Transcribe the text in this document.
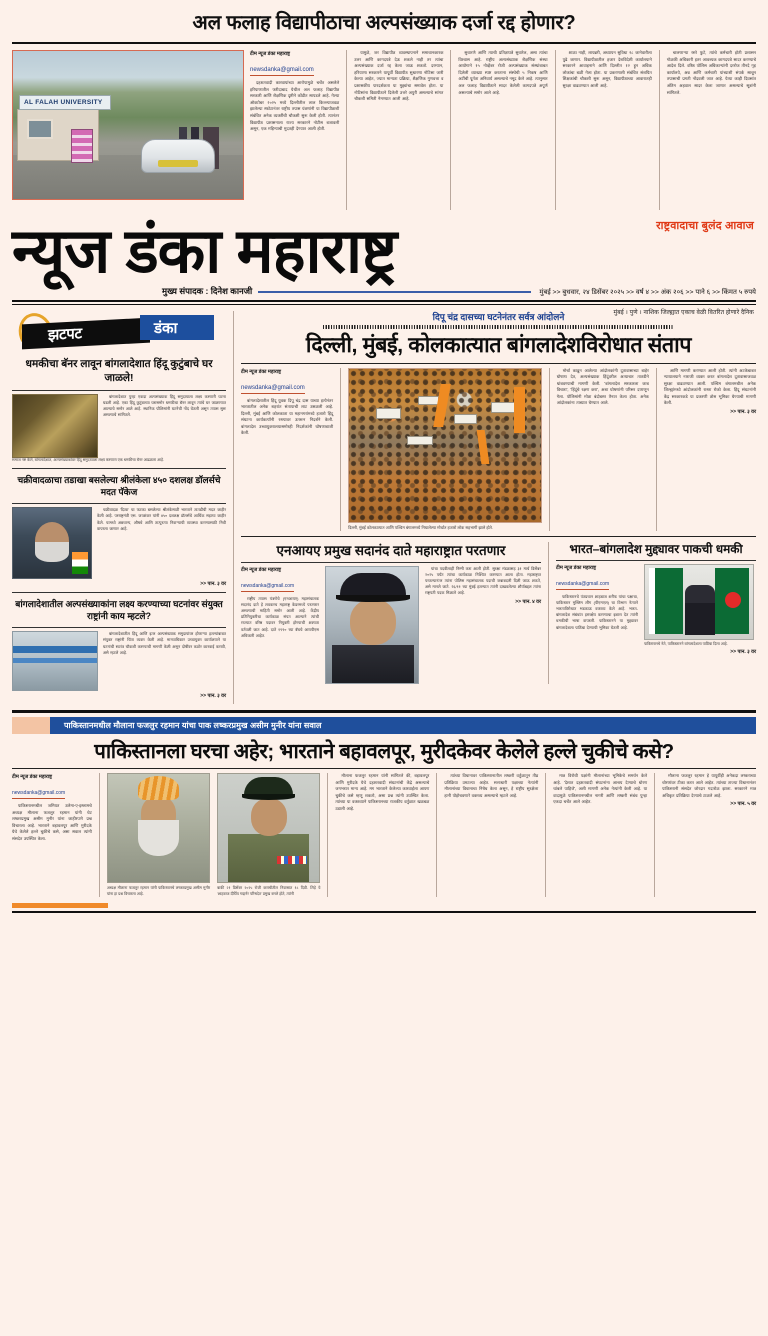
अल फलाह विद्यापीठाचा अल्पसंख्याक दर्जा रद्द होणार?
AL FALAH UNIVERSITY
टीम न्यूज डंका महाराष्ट्र
newsdanka@gmail.com

दहशतवादी कारवायांच्या आरोपामुळे चर्चेत असलेले हरियाणातील फरीदाबाद येथील अल फलाह विद्यापीठ सरकारी आणि शैक्षणिक दृष्टीने कोंडीत सापडले आहे. गेल्या ऑक्टोबर २०२५ मध्ये दिल्लीतील लाल किल्ल्याजवळ झालेल्या स्फोटानंतर राष्ट्रीय तपास यंत्रणांनी या विद्यापीठाशी संबंधित अनेक व्यक्तींची चौकशी सुरू केली होती. त्यानंतर विद्यापीठ प्रशासनाला राज्य सरकारने नोटीस बजावली असून, एक महिन्याची मुदतही देण्यात आली होती.

यामुळे, जर विद्यापीठ व्यवस्थापनाने समाधानकारक उत्तर आणि कागदपत्रे देऊ शकले नाही तर त्यांचा अल्पसंख्याक दर्जा रद्द केला जाऊ शकतो. दरम्यान, हरियाणा सरकारने यापूर्वी विद्यापीठ सुधारणा नोटिसा जारी केल्या आहेत, ज्यात मान्यता प्रक्रिया, शैक्षणिक गुणवत्ता व प्रशासकीय पारदर्शकता या मुद्द्यांचा समावेश होता. या नोटिसांना विद्यापीठाने दिलेली उत्तरे अपुरी असल्याचे सांगत चौकशी समिती नेमण्यात आली आहे.

सुधारणे आणि त्याची प्रतिज्ञापत्रे सुधारेल, असा त्यांचा विश्वास आहे. राष्ट्रीय अल्पसंख्याक शैक्षणिक संस्था आयोगाने १५ नोव्हेंबर रोजी अल्पसंख्याक संस्थांबाबत दिलेली व्याख्या स्पष्ट करताना संस्थेची ५ निकष आणि अटींची पूर्तता अनिवार्य असल्याचे नमूद केले आहे. त्यानुसार अल फलाह विद्यापीठाने सादर केलेली कागदपत्रे अपूर्ण असल्याचे समोर आले आहे.

शाळा नाही, लायब्ररी, अध्यापन सुविधा २८ जानेवारीला पुढे जाणार. विद्यापीठातील हजार देशविदेशी कार्यालयाने सरकारने आवाहनाने आणि दिल्लीत १२ हून अधिक लोकांचा बळी गेला होता. या प्रकरणाशी संबंधित संशयित शिक्षकांची चौकशी सुरू असून, विद्यापीठाच्या आवारातही सुरक्षा वाढवण्यात आली आहे.

चालणाऱ्या रस्ते फुटे, त्यांचे कर्मचारी होती प्रशासन गोळकी अधिकारी इतर आवश्यक कागदपत्रे सादर करण्याचे आदेश दिले. वरिष्ठ पोलिस अधिकाऱ्यांनी दररोज तीनदे गृह कार्यालये, अन्न आणि कर्मचारी यांच्याशी संपर्क साधून तपासाची प्रगती नोंदवली जात आहे. येत्या काही दिवसांत अंतिम अहवाल सादर केला जाणार असल्याचे सूत्रांनी सांगितले.

राष्ट्रवादाचा बुलंद आवाज
न्यूज डंका महाराष्ट्र
मुंबई । पुणे । नाशिक जिल्ह्यात एकाच वेळी वितरित होणारे दैनिक
मुख्य संपादक : दिनेश कानजी	मुंबई >> बुधवार, २४ डिसेंबर २०२५ >> वर्ष ४ >> अंक २०६ >> पाने ६ >> किंमत ५ रुपये
झटपट	डंका
धमकीचा बॅनर लावून बांगलादेशात हिंदू कुटुंबाचे घर जाळले!

बांगलादेशात पुन्हा एकदा अल्पसंख्याक हिंदू समुदायाला लक्ष्य करणारी घटना घडली आहे. एका हिंदू कुटुंबाच्या घरासमोर धमकीचा बॅनर लावून त्यांचे घर जाळण्यात आल्याचे समोर आले आहे. स्थानिक पोलिसांनी घटनेची नोंद घेतली असून तपास सुरू असल्याचे सांगितले.

समाज नष्ट केले, बांगलादेशात, अल्पसंख्याकांवर हिंदू समुदायाला लक्ष्य करणारा एक धमकीचा बॅनर आढळला आहे.
चक्रीवादळाचा तडाखा बसलेल्या श्रीलंकेला ४५० दशलक्ष डॉलर्सचे मदत पॅकेज

चक्रीवादळ 'दित्वा' चा फटका बसलेल्या श्रीलंकेसाठी भारताने तातडीची मदत जाहीर केली आहे. परराष्ट्रमंत्री एस. जयशंकर यांनी ४५० दशलक्ष डॉलर्सचे आर्थिक सहाय्य जाहीर केले. यामध्ये अन्नधान्य, औषधे आणि तात्पुरत्या निवाऱ्याची व्यवस्था करण्यासाठी निधी वापरला जाणार आहे.

>> पान. ३ वर
बांगलादेशातील अल्पसंख्याकांना लक्ष्य करण्याच्या घटनांवर संयुक्त राष्ट्रांनी काय म्हटले?

बांगलादेशातील हिंदू आणि इतर अल्पसंख्याक समुदायांवर होणाऱ्या हल्ल्यांबाबत संयुक्त राष्ट्रांनी चिंता व्यक्त केली आहे. मानवाधिकार उच्चायुक्त कार्यालयाने या घटनांची स्वतंत्र चौकशी करण्याची मागणी केली असून दोषींवर कठोर कारवाई करावी, असे म्हटले आहे.

>> पान. ३ वर
दिपू चंद्र दासच्या घटनेनंतर सर्वत्र आंदोलने
दिल्ली, मुंबई, कोलकात्यात बांगलादेशविरोधात संताप
टीम न्यूज डंका महाराष्ट्र
newsdanka@gmail.com

बांगलादेशातील हिंदू युवक दिपू चंद्र दास याच्या हत्येनंतर भारतातील अनेक शहरांत संतापाची लाट उसळली आहे. दिल्ली, मुंबई आणि कोलकाता या महानगरांमध्ये हजारो हिंदू संघटना कार्यकर्त्यांनी रस्त्यावर उतरून निदर्शने केली. बांगलादेश उच्चायुक्तालयासमोरही निदर्शकांनी घोषणाबाजी केली.

दिल्ली, मुंबई कोलकात्यात आणि पश्चिम बंगालमध्ये निघालेल्या मोर्चात हजारो लोक सहभागी झाले होते.

मोर्चा काढून आलेल्या आंदोलकांनी दूतावासाच्या बाहेर घोषणा देत, अल्पसंख्याक हिंदूंवरील अत्याचार तातडीने थांबवण्याची मागणी केली. 'बांगलादेश सरकारला जाब विचारा', 'हिंदूंचे रक्षण करा', अशा घोषणांनी परिसर दणाणून गेला. पोलिसांनी मोठा बंदोबस्त तैनात केला होता. अनेक आंदोलकांना ताब्यात घेण्यात आले.

आणि मागणी करण्यात आली होती. त्यांनी अटकेबाबत न्यायालयाने नाराजी व्यक्त करत बांगलादेश दूतावासाजवळ सुरक्षा वाढवण्यात आली. पश्चिम बंगालमधील अनेक जिल्ह्यांमध्ये आंदोलकांनी रास्ता रोको केला. हिंदू संघटनांनी केंद्र सरकारकडे या प्रकरणी ठोस भूमिका घेण्याची मागणी केली.

>> पान. ३ वर
एनआयए प्रमुख सदानंद दाते महाराष्ट्रात परतणार
टीम न्यूज डंका महाराष्ट्र
newsdanka@gmail.com

राष्ट्रीय तपास यंत्रणेचे (एनआयए) महासंचालक सदानंद दाते हे लवकरच महाराष्ट्र केडरमध्ये परतणार असल्याची माहिती समोर आली आहे. केंद्रीय प्रतिनियुक्तीचा कार्यकाळ संपत आल्याने त्यांची राज्यात वरिष्ठ पदावर नियुक्ती होण्याची शक्यता वर्तवली जात आहे. दाते १९९० च्या बॅचचे आयपीएस अधिकारी आहेत.

यांचा पदवीलाही निम्मी करा आली होती. सुरक्षा मंडळासह ३१ मार्च डिसेंबर २०२५ पर्यंत त्यांचा कार्यकाळ निश्चित करण्यात आला होता. महाराष्ट्रात परतल्यानंतर त्यांना पोलिस महासंचालक पदाची जबाबदारी दिली जाऊ शकते, असे मानले जाते. २६/११ च्या मुंबई हल्ल्यात त्यांनी दाखवलेल्या शौर्याबद्दल त्यांना राष्ट्रपती पदक मिळाले आहे.

>> पान. ४ वर
भारत–बांगलादेश मुद्द्यावर पाकची धमकी
टीम न्यूज डंका महाराष्ट्र
newsdanka@gmail.com

पाकिस्तानचे पंतप्रधान शाहबाज शरीफ यांचा पक्षाचा, पाकिस्तान मुस्लिम लीग (पीएमएल) चा विभाग नेत्याने भारताविरोधात भडकाऊ वक्तव्य केले आहे. भारत-बांगलादेश संबंधांत हस्तक्षेप करण्याचा इशारा देत त्यांनी धमकीची भाषा वापरली. पाकिस्तानने या मुद्द्यावर बांगलादेशला पाठिंबा देण्याची भूमिका घेतली आहे.

पाकिस्तानचे नेते, पाकिस्तानने बांगलादेशला पाठिंबा दिला आहे.
>> पान. ३ वर
पाकिस्तानमधील मौलाना फजलुर रहमान यांचा पाक लष्करप्रमुख असीम मुनीर यांना सवाल
पाकिस्तानला घरचा अहेर; भारताने बहावलपूर, मुरीदकेवर केलेले हल्ले चुकीचे कसे?
टीम न्यूज डंका महाराष्ट्र
newsdanka@gmail.com

पाकिस्तानमधील जमियत उलेमा-ए-इस्लामचे अध्यक्ष मौलाना फजलुर रहमान यांनी थेट लष्करप्रमुख असीम मुनीर यांना जाहीरपणे प्रश्न विचारला आहे. भारताने बहावलपूर आणि मुरीदके येथे केलेले हल्ले चुकीचे कसे, असा सवाल त्यांनी संसदेत उपस्थित केला.

अध्यक्ष मौलाना फजलुर रहमान यांनी पाकिस्तानचे लष्करप्रमुख असीम मुनीर यांना हा प्रश्न विचारला आहे.
बाकी २१ डिसेंबर २०२५ रोजी कराचीतील निवासात १८ दिवी. लिहे ये 'शाहबाज दीर्घिय गव्हर्नर परिषदेत' प्रमुख बनले होते, त्यांनी

मौलाना फजलुर रहमान यांनी सांगितले की, बहावलपूर आणि मुरीदके येथे दहशतवादी संघटनांची केंद्रे असल्याचे जगभरात मान्य आहे. मग भारताने केलेल्या कारवाईला आपण चुकीचे कसे म्हणू शकतो, असा प्रश्न त्यांनी उपस्थित केला. त्यांच्या या वक्तव्याने पाकिस्तानच्या राजकीय वर्तुळात खळबळ उडाली आहे.

त्यांच्या विधानावर पाकिस्तानातील लष्करी वर्तुळातून तीव्र प्रतिक्रिया उमटल्या आहेत. सत्ताधारी पक्षाच्या नेत्यांनी मौलानांच्या विधानाचा निषेध केला असून, हे राष्ट्रीय सुरक्षेला हानी पोहोचवणारे वक्तव्य असल्याचे म्हटले आहे.

मात्र विरोधी पक्षांनी मौलानांच्या भूमिकेचे समर्थन केले आहे. 'देशात दहशतवादी संघटनांना आश्रय देण्याचे धोरण थांबले पाहिजे', अशी मागणी अनेक नेत्यांनी केली आहे. या वादामुळे पाकिस्तानमधील नागरी आणि लष्करी संबंध पुन्हा एकदा चर्चेत आले आहेत.

मौलाना फजलुर रहमान हे यापूर्वीही अनेकदा लष्कराच्या धोरणांवर टीका करत आले आहेत. त्यांच्या ताज्या विधानानंतर पाकिस्तानी संसदेत जोरदार गदारोळ झाला. सरकारने मात्र अधिकृत प्रतिक्रिया देण्याचे टाळले आहे.

>> पान. ५ वर
